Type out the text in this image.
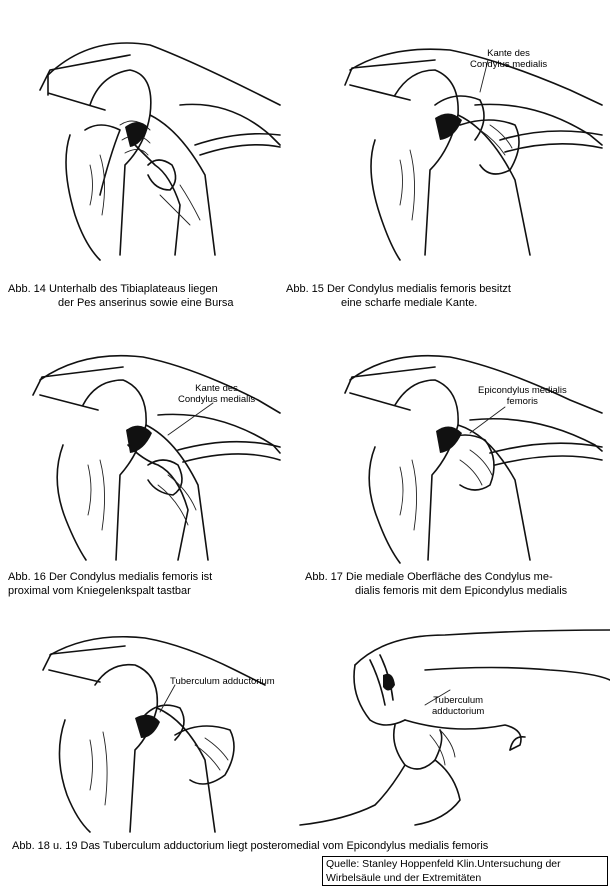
Abb. 14 Unterhalb des Tibiaplateaus liegen
der Pes anserinus sowie eine Bursa
Kante des
Condylus medialis
Abb. 15 Der Condylus medialis femoris besitzt
eine scharfe mediale Kante.
Kante des
Condylus medialis
Abb. 16 Der Condylus medialis femoris ist
proximal vom Kniegelenkspalt tastbar
Epicondylus medialis
femoris
Abb. 17 Die mediale Oberfläche des Condylus me-
dialis femoris mit dem Epicondylus medialis
Tuberculum adductorium
Tuberculum
adductorium
Abb. 18 u. 19 Das Tuberculum adductorium liegt posteromedial vom Epicondylus medialis femoris
Quelle: Stanley Hoppenfeld Klin.Untersuchung der
Wirbelsäule und der Extremitäten
